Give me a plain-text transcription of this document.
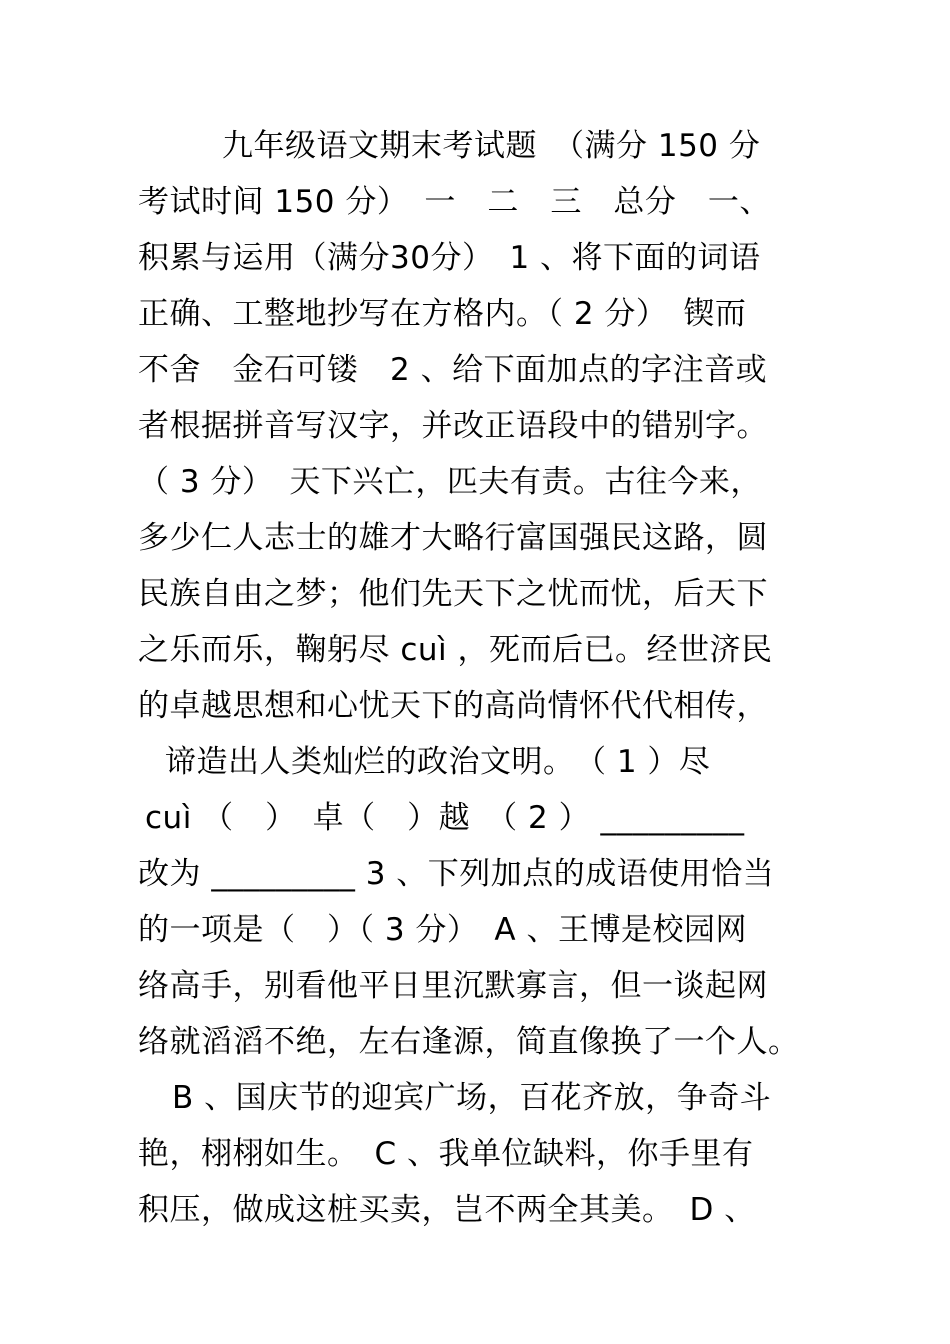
九年级语文期末考试题　（满分 150 分
考试时间 150 分）　一　二　三　总分　一、
积累与运用（满分30分）　1 、将下面的词语
正确、工整地抄写在方格内。（ 2 分）　锲而
不舍　金石可镂　2 、给下面加点的字注音或
者根据拼音写汉字，并改正语段中的错别字。
（ 3 分）　天下兴亡，匹夫有责。古往今来，
多少仁人志士的雄才大略行富国强民这路，圆
民族自由之梦；他们先天下之忧而忧，后天下
之乐而乐，鞠躬尽 cuì ，死而后已。经世济民
的卓越思想和心忧天下的高尚情怀代代相传，
谛造出人类灿烂的政治文明。　（ 1 ）尽
cuì （　）　卓（　）越　（ 2 ） _________
改为 _________ 3 、下列加点的成语使用恰当
的一项是（　）（ 3 分）　A 、王博是校园网
络高手，别看他平日里沉默寡言，但一谈起网
络就滔滔不绝，左右逢源，简直像换了一个人。
B 、国庆节的迎宾广场，百花齐放，争奇斗
艳，栩栩如生。　C 、我单位缺料，你手里有
积压，做成这桩买卖，岂不两全其美。　D 、
